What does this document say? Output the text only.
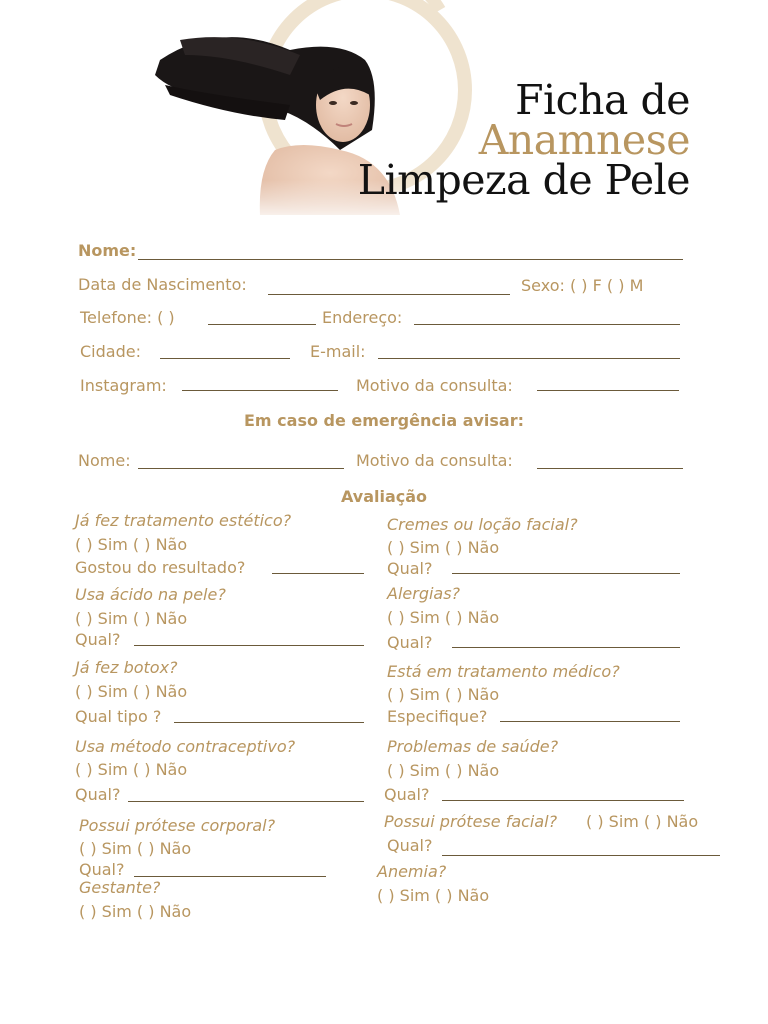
Ficha de
Anamnese
Limpeza de Pele
Nome:
Data de Nascimento:	Sexo: ( ) F ( ) M
Telefone: ( )	Endereço:
Cidade:	E-mail:
Instagram:	Motivo da consulta:
Em caso de emergência avisar:
Nome:	Motivo da consulta:
Avaliação
Já fez tratamento estético?
( ) Sim ( ) Não
Gostou do resultado?
Usa ácido na pele?
( ) Sim ( ) Não
Qual?
Já fez botox?
( ) Sim ( ) Não
Qual tipo ?
Usa método contraceptivo?
( ) Sim ( ) Não
Qual?
Possui prótese corporal?
( ) Sim ( ) Não
Qual?
Gestante?
( ) Sim ( ) Não
Cremes ou loção facial?
( ) Sim ( ) Não
Qual?
Alergias?
( ) Sim ( ) Não
Qual?
Está em tratamento médico?
( ) Sim ( ) Não
Especifique?
Problemas de saúde?
( ) Sim ( ) Não
Qual?
Possui prótese facial? ( ) Sim ( ) Não
Qual?
Anemia?
( ) Sim ( ) Não
